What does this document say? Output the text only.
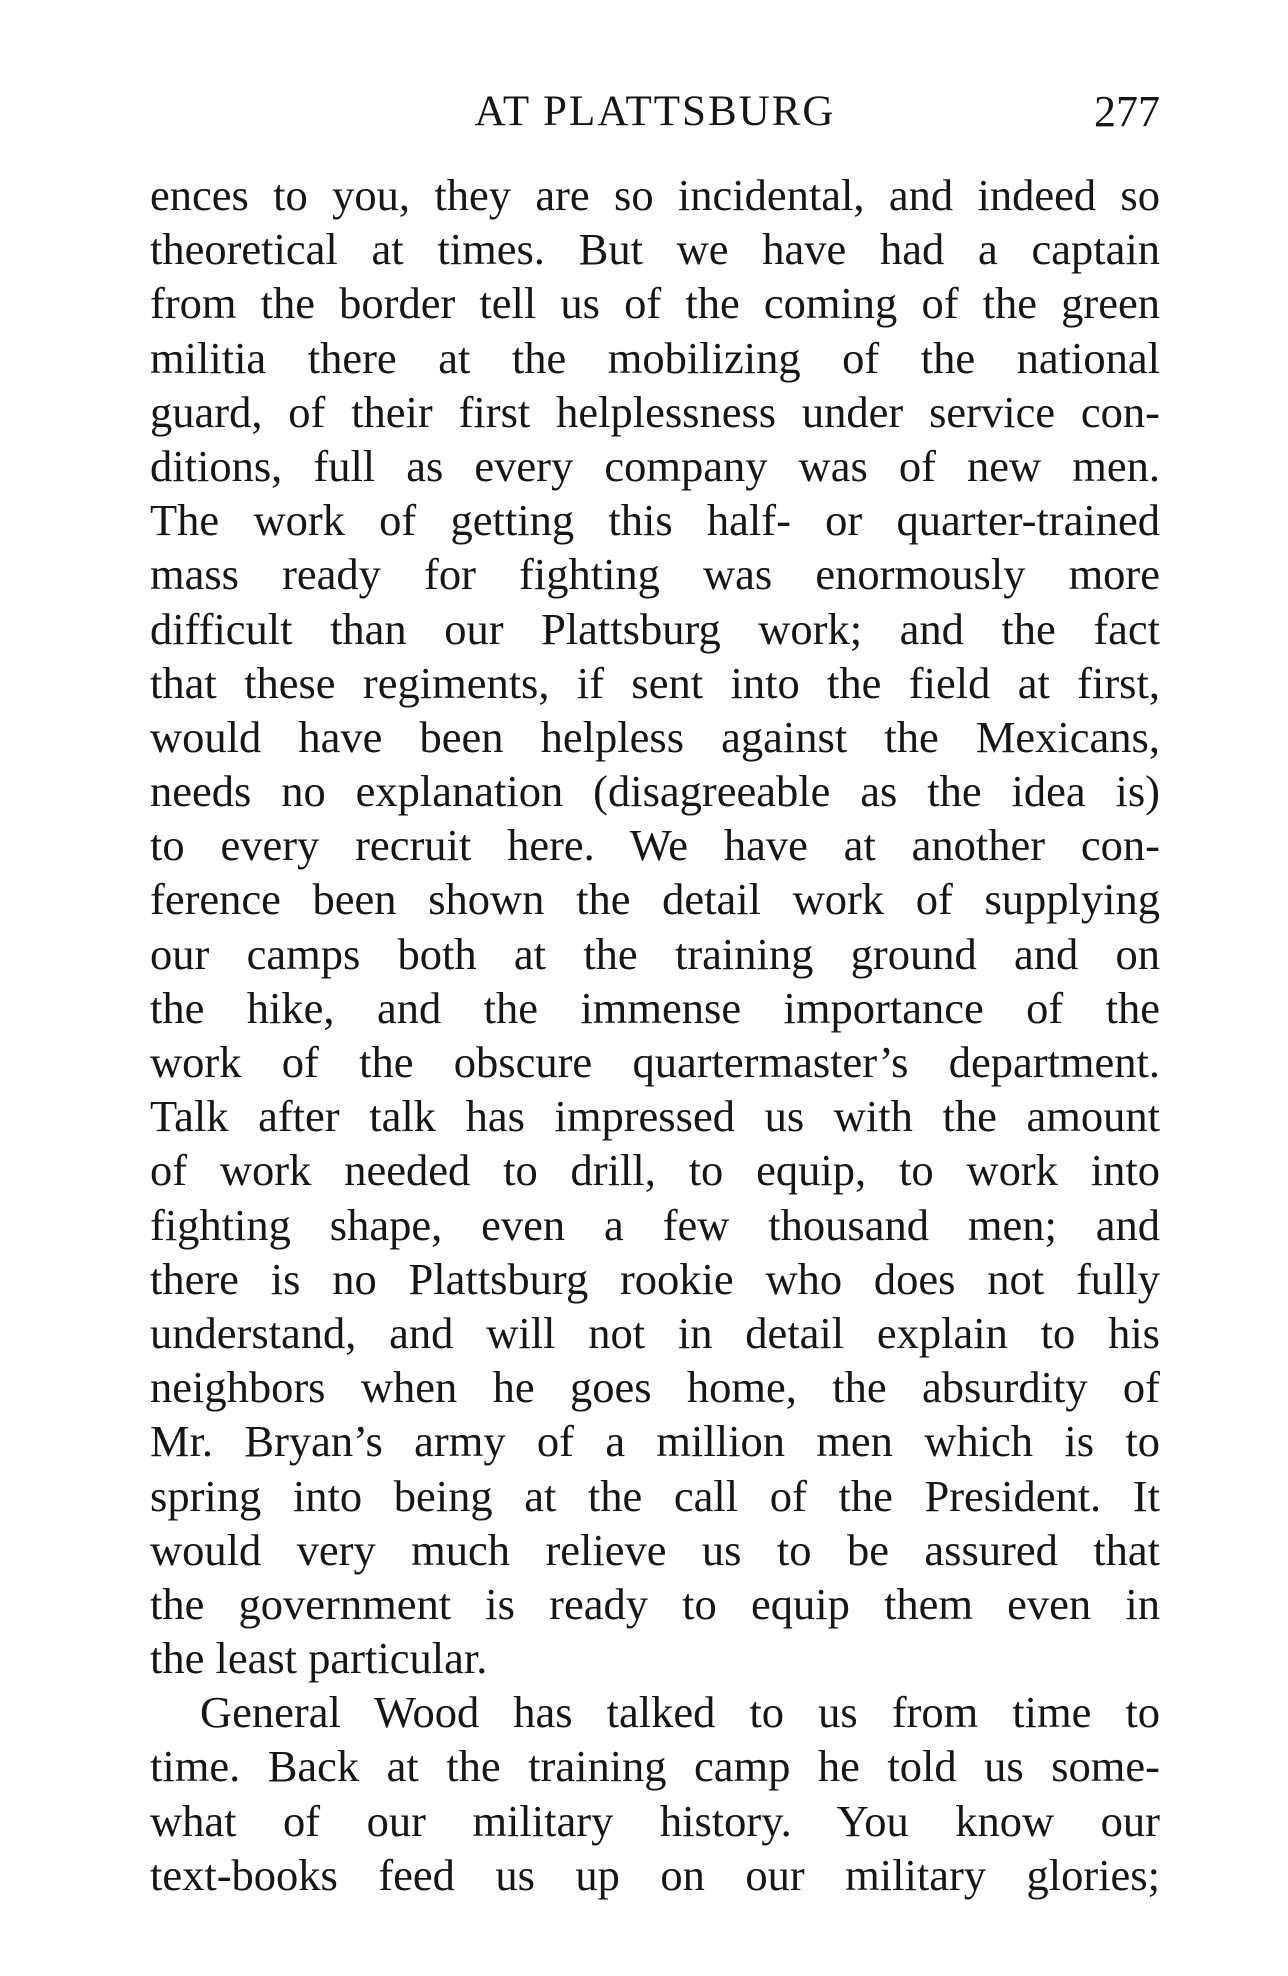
AT PLATTSBURG	277
ences to you, they are so incidental, and indeed so
theoretical at times. But we have had a captain
from the border tell us of the coming of the green
militia there at the mobilizing of the national
guard, of their first helplessness under service con-
ditions, full as every company was of new men.
The work of getting this half- or quarter-trained
mass ready for fighting was enormously more
difficult than our Plattsburg work; and the fact
that these regiments, if sent into the field at first,
would have been helpless against the Mexicans,
needs no explanation (disagreeable as the idea is)
to every recruit here. We have at another con-
ference been shown the detail work of supplying
our camps both at the training ground and on
the hike, and the immense importance of the
work of the obscure quartermaster’s department.
Talk after talk has impressed us with the amount
of work needed to drill, to equip, to work into
fighting shape, even a few thousand men; and
there is no Plattsburg rookie who does not fully
understand, and will not in detail explain to his
neighbors when he goes home, the absurdity of
Mr. Bryan’s army of a million men which is to
spring into being at the call of the President. It
would very much relieve us to be assured that
the government is ready to equip them even in
the least particular.
General Wood has talked to us from time to
time. Back at the training camp he told us some-
what of our military history. You know our
text-books feed us up on our military glories;
